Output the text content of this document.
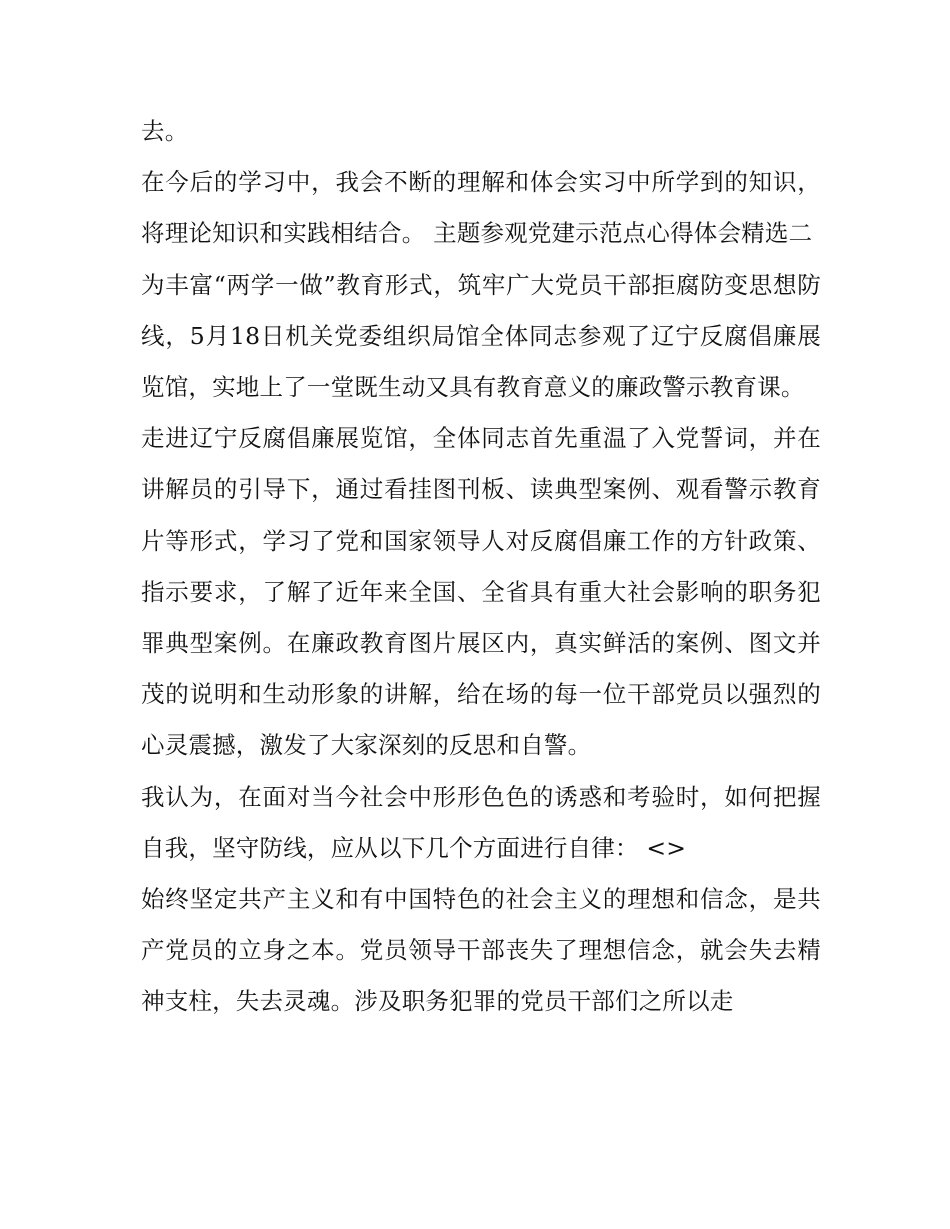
去。

在今后的学习中，我会不断的理解和体会实习中所学到的知识，将理论知识和实践相结合。 主题参观党建示范点心得体会精选二

为丰富“两学一做”教育形式，筑牢广大党员干部拒腐防变思想防线，5月18日机关党委组织局馆全体同志参观了辽宁反腐倡廉展览馆，实地上了一堂既生动又具有教育意义的廉政警示教育课。

走进辽宁反腐倡廉展览馆，全体同志首先重温了入党誓词，并在讲解员的引导下，通过看挂图刊板、读典型案例、观看警示教育片等形式，学习了党和国家领导人对反腐倡廉工作的方针政策、指示要求，了解了近年来全国、全省具有重大社会影响的职务犯罪典型案例。在廉政教育图片展区内，真实鲜活的案例、图文并茂的说明和生动形象的讲解，给在场的每一位干部党员以强烈的心灵震撼，激发了大家深刻的反思和自警。

我认为，在面对当今社会中形形色色的诱惑和考验时，如何把握自我，坚守防线，应从以下几个方面进行自律： <>

始终坚定共产主义和有中国特色的社会主义的理想和信念，是共产党员的立身之本。党员领导干部丧失了理想信念，就会失去精神支柱，失去灵魂。涉及职务犯罪的党员干部们之所以走
